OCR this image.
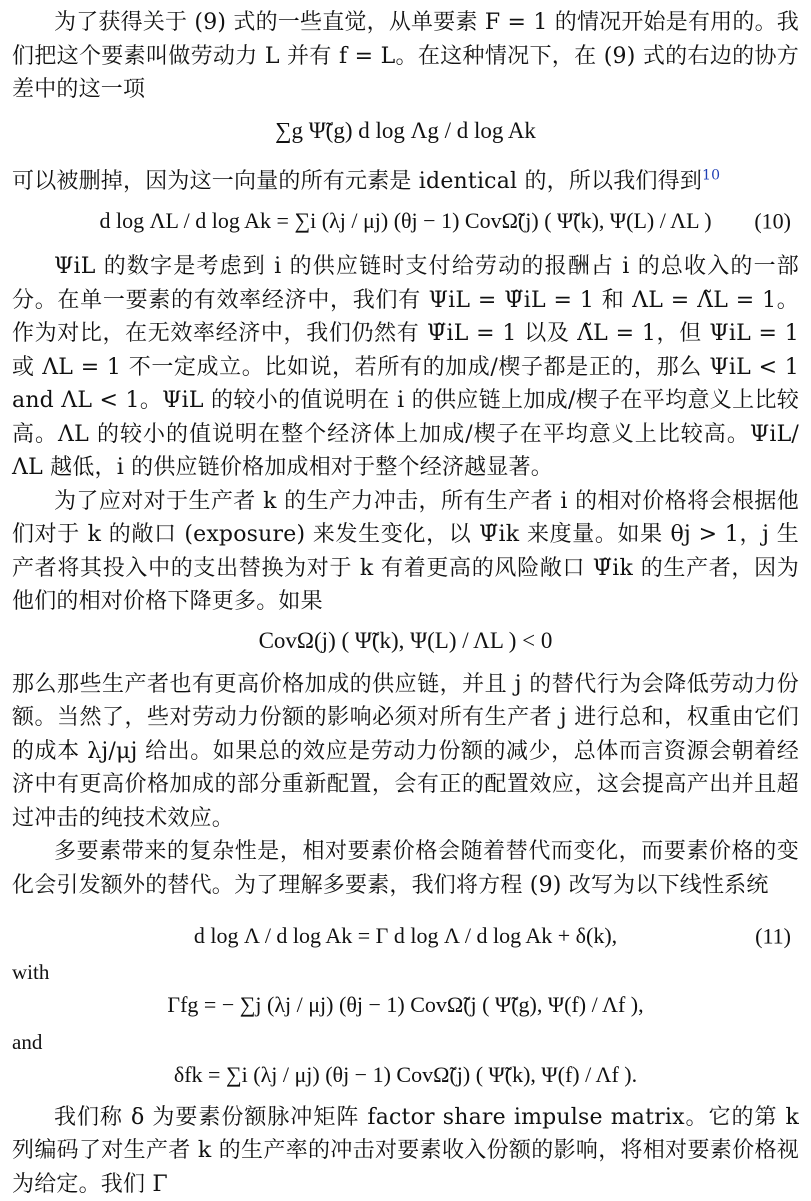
为了获得关于 (9) 式的一些直觉，从单要素 F = 1 的情况开始是有用的。我们把这个要素叫做劳动力 L 并有 f = L。在这种情况下，在 (9) 式的右边的协方差中的这一项

∑g Ψ̃(g) d log Λg / d log Ak

可以被删掉，因为这一向量的所有元素是 identical 的，所以我们得到$^{10}$

d log ΛL / d log Ak = ∑i (λj / μj) (θj − 1) CovΩ̃(j) ( Ψ̃(k), Ψ(L) / ΛL ) (10)

ΨiL 的数字是考虑到 i 的供应链时支付给劳动的报酬占 i 的总收入的一部分。在单一要素的有效率经济中，我们有 ΨiL = Ψ̃iL = 1 和 ΛL = Λ̃L = 1。作为对比，在无效率经济中，我们仍然有 Ψ̃iL = 1 以及 Λ̃L = 1，但 ΨiL = 1 或 ΛL = 1 不一定成立。比如说，若所有的加成/楔子都是正的，那么 ΨiL < 1 and ΛL < 1。ΨiL 的较小的值说明在 i 的供应链上加成/楔子在平均意义上比较高。ΛL 的较小的值说明在整个经济体上加成/楔子在平均意义上比较高。ΨiL/ΛL 越低，i 的供应链价格加成相对于整个经济越显著。

为了应对对于生产者 k 的生产力冲击，所有生产者 i 的相对价格将会根据他们对于 k 的敞口 (exposure) 来发生变化，以 Ψ̃ik 来度量。如果 θj > 1，j 生产者将其投入中的支出替换为对于 k 有着更高的风险敞口 Ψ̃ik 的生产者，因为他们的相对价格下降更多。如果

CovΩ(j) ( Ψ̃(k), Ψ(L) / ΛL ) < 0

那么那些生产者也有更高价格加成的供应链，并且 j 的替代行为会降低劳动力份额。当然了，些对劳动力份额的影响必须对所有生产者 j 进行总和，权重由它们的成本 λj/μj 给出。如果总的效应是劳动力份额的减少，总体而言资源会朝着经济中有更高价格加成的部分重新配置，会有正的配置效应，这会提高产出并且超过冲击的纯技术效应。

多要素带来的复杂性是，相对要素价格会随着替代而变化，而要素价格的变化会引发额外的替代。为了理解多要素，我们将方程 (9) 改写为以下线性系统

d log Λ / d log Ak = Γ d log Λ / d log Ak + δ(k),	(11)

with

Γfg = − ∑j (λj / μj) (θj − 1) CovΩ̃(j ( Ψ̃(g), Ψ(f) / Λf ),

and

δfk = ∑i (λj / μj) (θj − 1) CovΩ̃(j) ( Ψ̃(k), Ψ(f) / Λf ).

我们称 δ 为要素份额脉冲矩阵 factor share impulse matrix。它的第 k 列编码了对生产者 k 的生产率的冲击对要素收入份额的影响，将相对要素价格视为给定。我们 Γ
